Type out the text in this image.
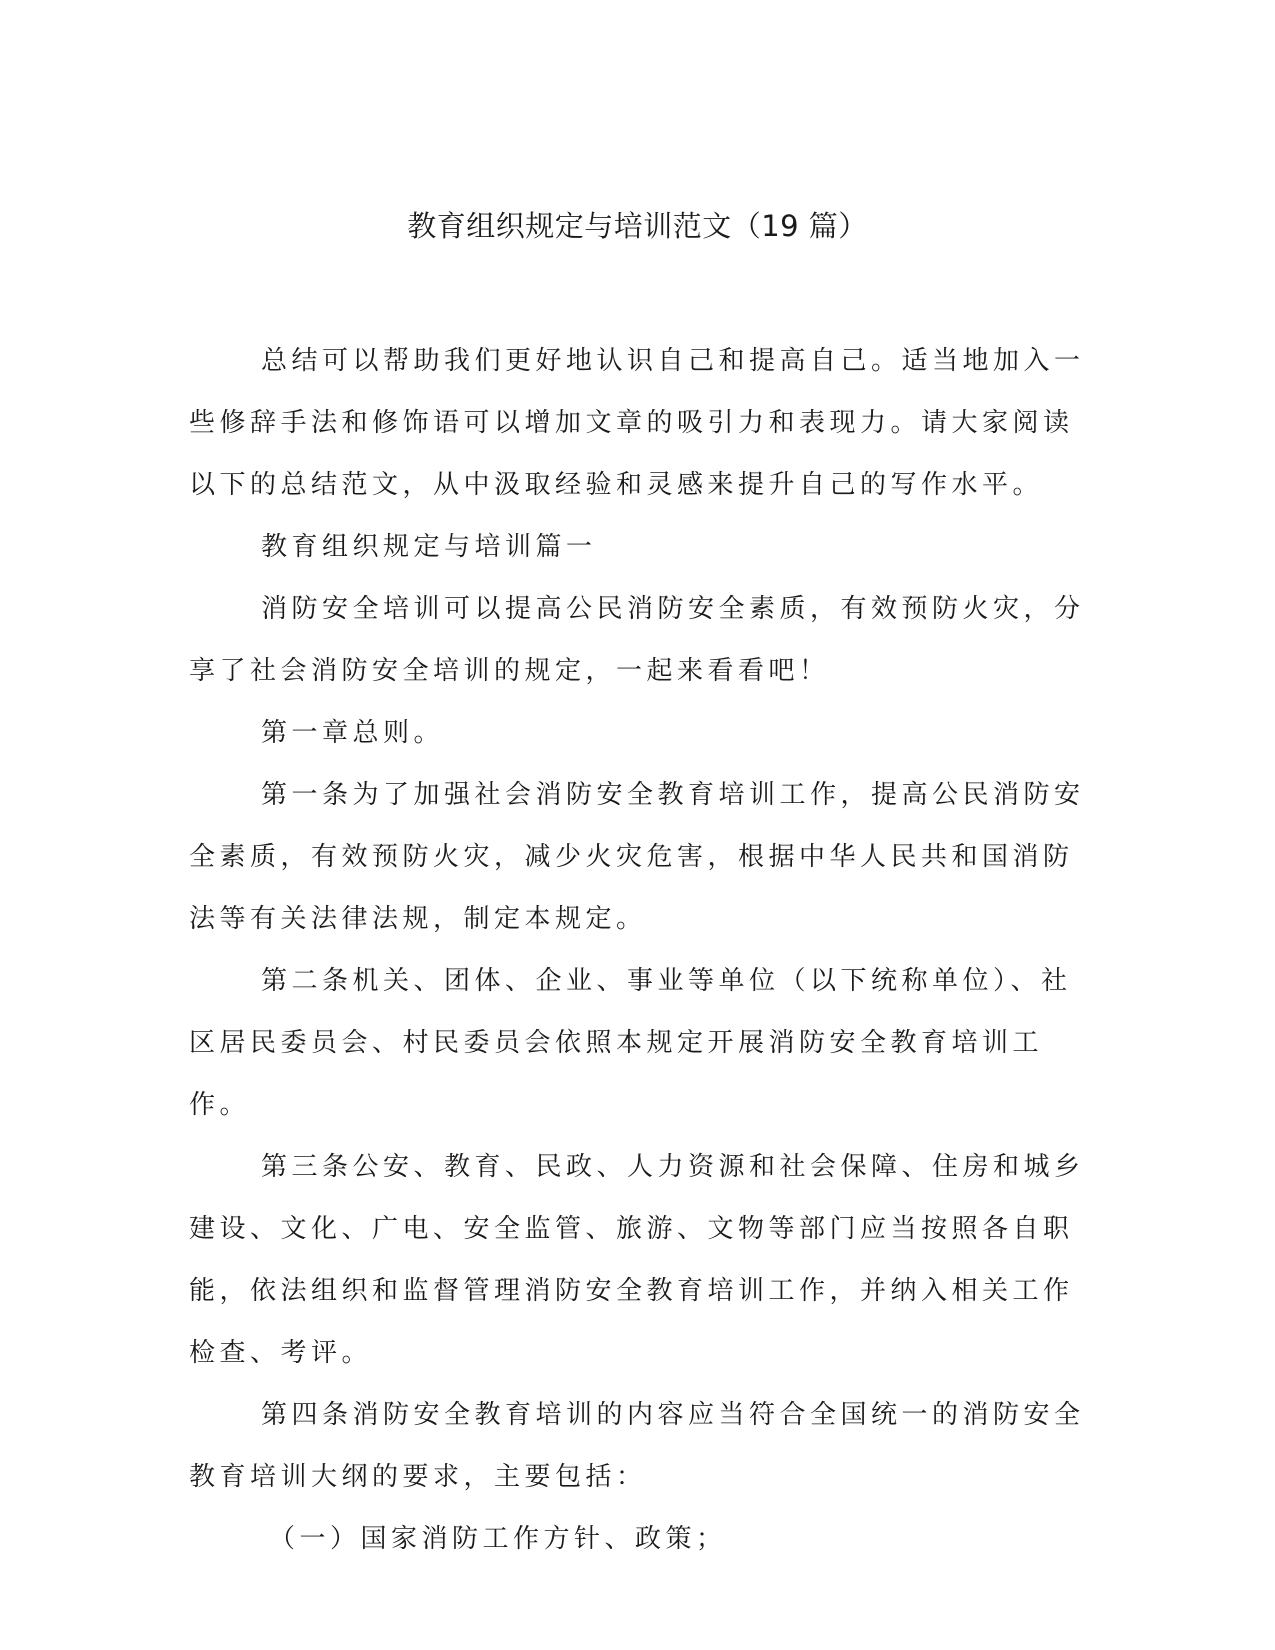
教育组织规定与培训范文（19 篇）

总结可以帮助我们更好地认识自己和提高自己。适当地加入一些修辞手法和修饰语可以增加文章的吸引力和表现力。请大家阅读以下的总结范文，从中汲取经验和灵感来提升自己的写作水平。

教育组织规定与培训篇一

消防安全培训可以提高公民消防安全素质，有效预防火灾，分享了社会消防安全培训的规定，一起来看看吧！

第一章总则。

第一条为了加强社会消防安全教育培训工作，提高公民消防安全素质，有效预防火灾，减少火灾危害，根据中华人民共和国消防法等有关法律法规，制定本规定。

第二条机关、团体、企业、事业等单位（以下统称单位）、社区居民委员会、村民委员会依照本规定开展消防安全教育培训工作。

第三条公安、教育、民政、人力资源和社会保障、住房和城乡建设、文化、广电、安全监管、旅游、文物等部门应当按照各自职能，依法组织和监督管理消防安全教育培训工作，并纳入相关工作检查、考评。

第四条消防安全教育培训的内容应当符合全国统一的消防安全教育培训大纲的要求，主要包括：

（一）国家消防工作方针、政策；
